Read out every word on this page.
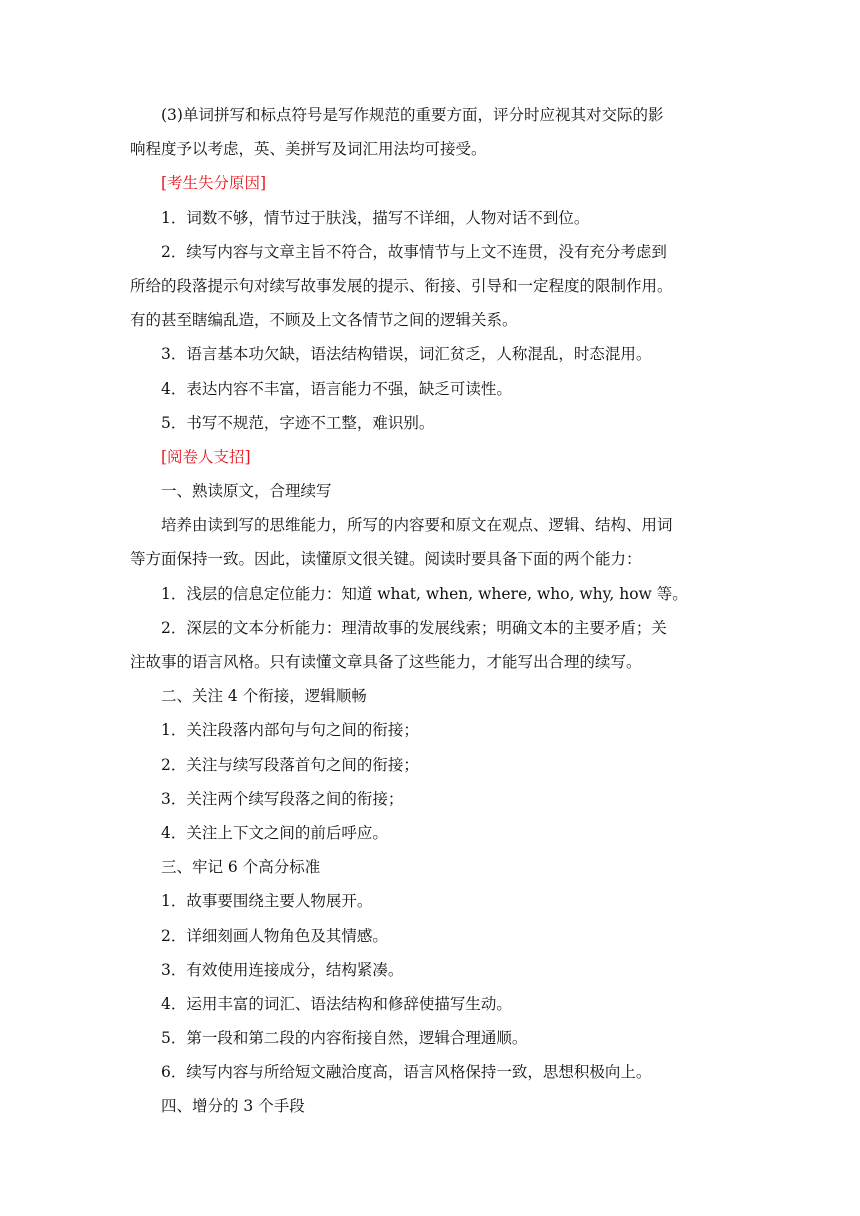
(3)单词拼写和标点符号是写作规范的重要方面，评分时应视其对交际的影
响程度予以考虑，英、美拼写及词汇用法均可接受。
[考生失分原因]
1．词数不够，情节过于肤浅，描写不详细，人物对话不到位。
2．续写内容与文章主旨不符合，故事情节与上文不连贯，没有充分考虑到
所给的段落提示句对续写故事发展的提示、衔接、引导和一定程度的限制作用。
有的甚至瞎编乱造，不顾及上文各情节之间的逻辑关系。
3．语言基本功欠缺，语法结构错误，词汇贫乏，人称混乱，时态混用。
4．表达内容不丰富，语言能力不强，缺乏可读性。
5．书写不规范，字迹不工整，难识别。
[阅卷人支招]
一、熟读原文，合理续写
培养由读到写的思维能力，所写的内容要和原文在观点、逻辑、结构、用词
等方面保持一致。因此，读懂原文很关键。阅读时要具备下面的两个能力：
1．浅层的信息定位能力：知道 what, when, where, who, why, how 等。
2．深层的文本分析能力：理清故事的发展线索；明确文本的主要矛盾；关
注故事的语言风格。只有读懂文章具备了这些能力，才能写出合理的续写。
二、关注 4 个衔接，逻辑顺畅
1．关注段落内部句与句之间的衔接；
2．关注与续写段落首句之间的衔接；
3．关注两个续写段落之间的衔接；
4．关注上下文之间的前后呼应。
三、牢记 6 个高分标准
1．故事要围绕主要人物展开。
2．详细刻画人物角色及其情感。
3．有效使用连接成分，结构紧凑。
4．运用丰富的词汇、语法结构和修辞使描写生动。
5．第一段和第二段的内容衔接自然，逻辑合理通顺。
6．续写内容与所给短文融洽度高，语言风格保持一致，思想积极向上。
四、增分的 3 个手段
